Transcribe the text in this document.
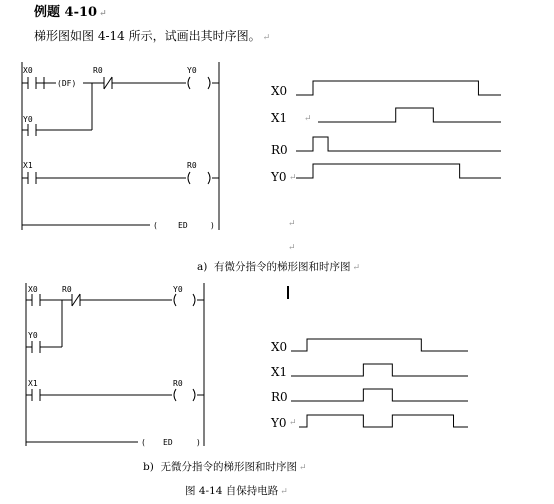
例题 4-10 ↵
梯形图如图 4-14 所示，试画出其时序图。 ↵
X0
(DF)
R0	Y0
Y0
X1	R0
(	ED	)
X0
X1
R0
Y0
X0	R0	Y0
Y0
X1	R0
( ED	)
X0
X1
R0
Y0
↵
↵
↵
↵
↵
a) 有微分指令的梯形图和时序图 ↵
b) 无微分指令的梯形图和时序图 ↵
图 4-14 自保持电路 ↵
